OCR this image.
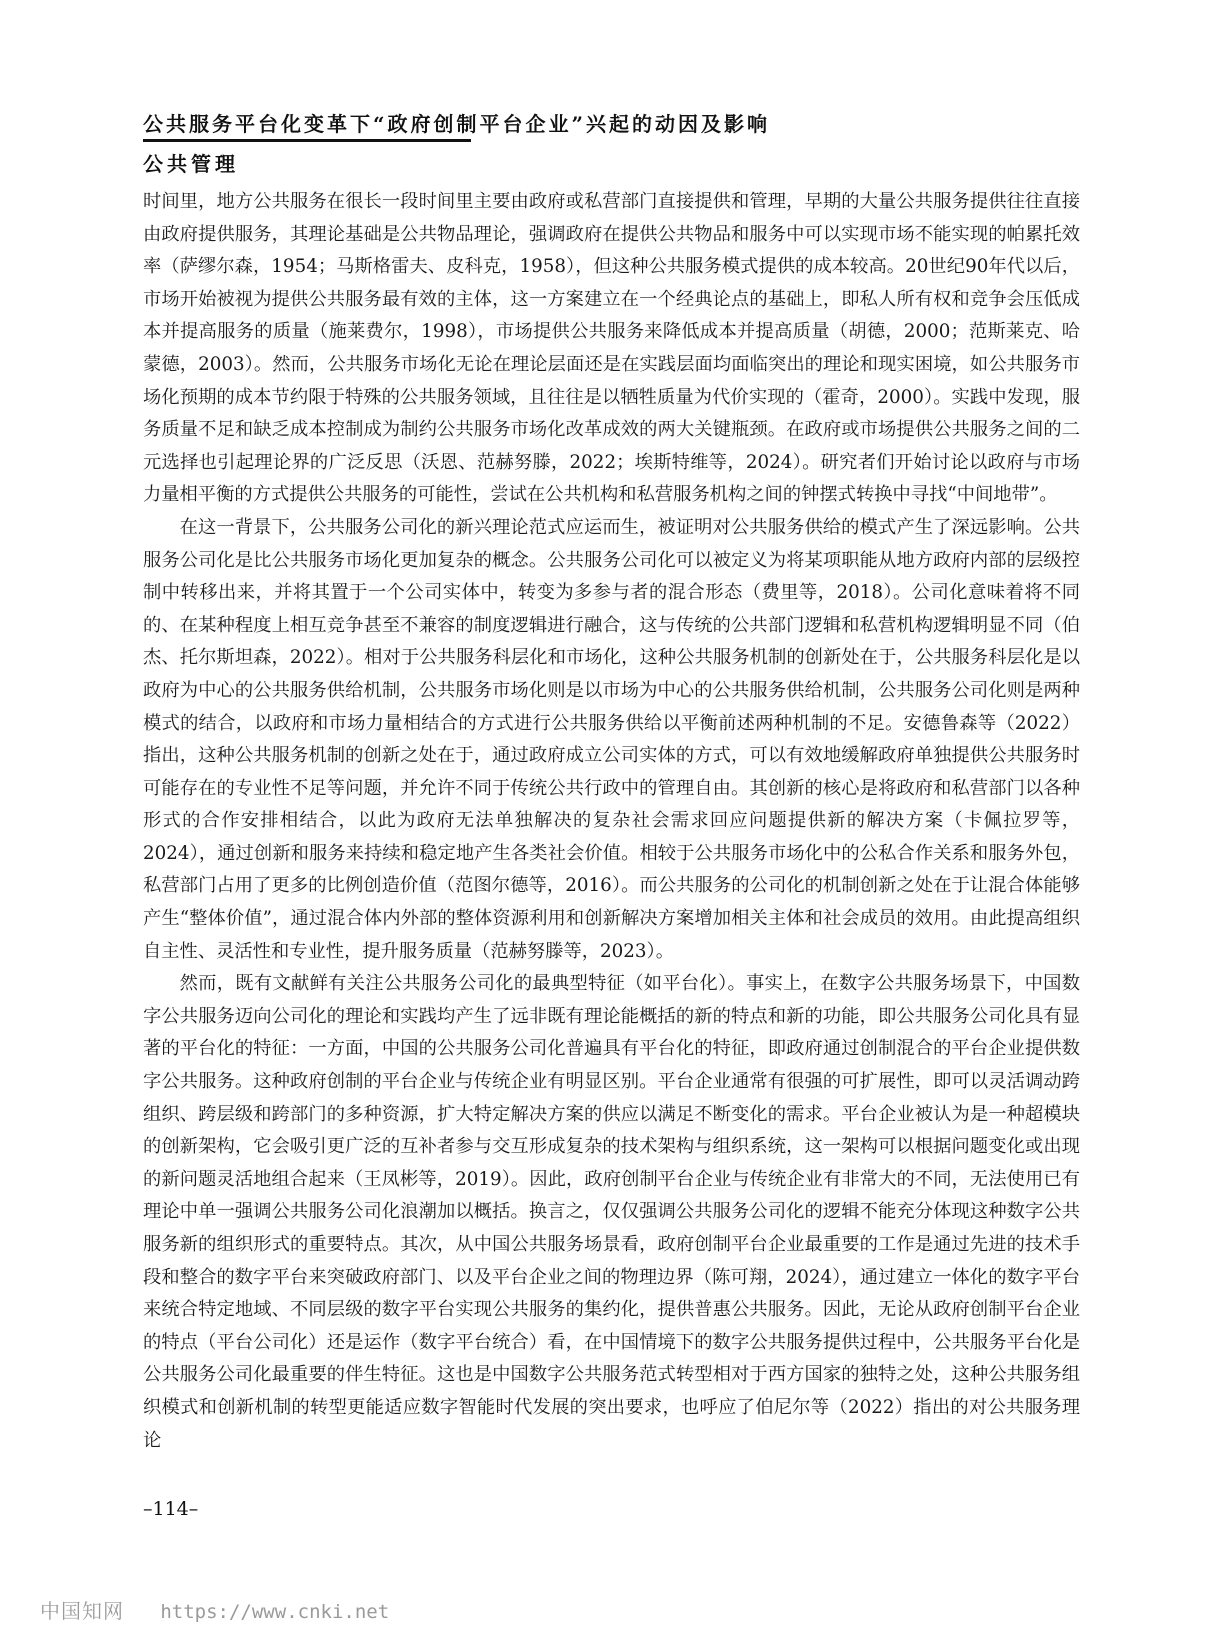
公共服务平台化变革下“政府创制平台企业”兴起的动因及影响
公共管理

时间里，地方公共服务在很长一段时间里主要由政府或私营部门直接提供和管理，早期的大量公共服务提供往往直接由政府提供服务，其理论基础是公共物品理论，强调政府在提供公共物品和服务中可以实现市场不能实现的帕累托效率（萨缪尔森，1954；马斯格雷夫、皮科克，1958），但这种公共服务模式提供的成本较高。20世纪90年代以后，市场开始被视为提供公共服务最有效的主体，这一方案建立在一个经典论点的基础上，即私人所有权和竞争会压低成本并提高服务的质量（施莱费尔，1998），市场提供公共服务来降低成本并提高质量（胡德，2000；范斯莱克、哈蒙德，2003）。然而，公共服务市场化无论在理论层面还是在实践层面均面临突出的理论和现实困境，如公共服务市场化预期的成本节约限于特殊的公共服务领域，且往往是以牺牲质量为代价实现的（霍奇，2000）。实践中发现，服务质量不足和缺乏成本控制成为制约公共服务市场化改革成效的两大关键瓶颈。在政府或市场提供公共服务之间的二元选择也引起理论界的广泛反思（沃恩、范赫努滕，2022；埃斯特维等，2024）。研究者们开始讨论以政府与市场力量相平衡的方式提供公共服务的可能性，尝试在公共机构和私营服务机构之间的钟摆式转换中寻找“中间地带”。

在这一背景下，公共服务公司化的新兴理论范式应运而生，被证明对公共服务供给的模式产生了深远影响。公共服务公司化是比公共服务市场化更加复杂的概念。公共服务公司化可以被定义为将某项职能从地方政府内部的层级控制中转移出来，并将其置于一个公司实体中，转变为多参与者的混合形态（费里等，2018）。公司化意味着将不同的、在某种程度上相互竞争甚至不兼容的制度逻辑进行融合，这与传统的公共部门逻辑和私营机构逻辑明显不同（伯杰、托尔斯坦森，2022）。相对于公共服务科层化和市场化，这种公共服务机制的创新处在于，公共服务科层化是以政府为中心的公共服务供给机制，公共服务市场化则是以市场为中心的公共服务供给机制，公共服务公司化则是两种模式的结合，以政府和市场力量相结合的方式进行公共服务供给以平衡前述两种机制的不足。安德鲁森等（2022）指出，这种公共服务机制的创新之处在于，通过政府成立公司实体的方式，可以有效地缓解政府单独提供公共服务时可能存在的专业性不足等问题，并允许不同于传统公共行政中的管理自由。其创新的核心是将政府和私营部门以各种形式的合作安排相结合，以此为政府无法单独解决的复杂社会需求回应问题提供新的解决方案（卡佩拉罗等，2024），通过创新和服务来持续和稳定地产生各类社会价值。相较于公共服务市场化中的公私合作关系和服务外包，私营部门占用了更多的比例创造价值（范图尔德等，2016）。而公共服务的公司化的机制创新之处在于让混合体能够产生“整体价值”，通过混合体内外部的整体资源利用和创新解决方案增加相关主体和社会成员的效用。由此提高组织自主性、灵活性和专业性，提升服务质量（范赫努滕等，2023）。

然而，既有文献鲜有关注公共服务公司化的最典型特征（如平台化）。事实上，在数字公共服务场景下，中国数字公共服务迈向公司化的理论和实践均产生了远非既有理论能概括的新的特点和新的功能，即公共服务公司化具有显著的平台化的特征：一方面，中国的公共服务公司化普遍具有平台化的特征，即政府通过创制混合的平台企业提供数字公共服务。这种政府创制的平台企业与传统企业有明显区别。平台企业通常有很强的可扩展性，即可以灵活调动跨组织、跨层级和跨部门的多种资源，扩大特定解决方案的供应以满足不断变化的需求。平台企业被认为是一种超模块的创新架构，它会吸引更广泛的互补者参与交互形成复杂的技术架构与组织系统，这一架构可以根据问题变化或出现的新问题灵活地组合起来（王凤彬等，2019）。因此，政府创制平台企业与传统企业有非常大的不同，无法使用已有理论中单一强调公共服务公司化浪潮加以概括。换言之，仅仅强调公共服务公司化的逻辑不能充分体现这种数字公共服务新的组织形式的重要特点。其次，从中国公共服务场景看，政府创制平台企业最重要的工作是通过先进的技术手段和整合的数字平台来突破政府部门、以及平台企业之间的物理边界（陈可翔，2024），通过建立一体化的数字平台来统合特定地域、不同层级的数字平台实现公共服务的集约化，提供普惠公共服务。因此，无论从政府创制平台企业的特点（平台公司化）还是运作（数字平台统合）看，在中国情境下的数字公共服务提供过程中，公共服务平台化是公共服务公司化最重要的伴生特征。这也是中国数字公共服务范式转型相对于西方国家的独特之处，这种公共服务组织模式和创新机制的转型更能适应数字智能时代发展的突出要求，也呼应了伯尼尔等（2022）指出的对公共服务理论

–114–
中国知网 https://www.cnki.net
